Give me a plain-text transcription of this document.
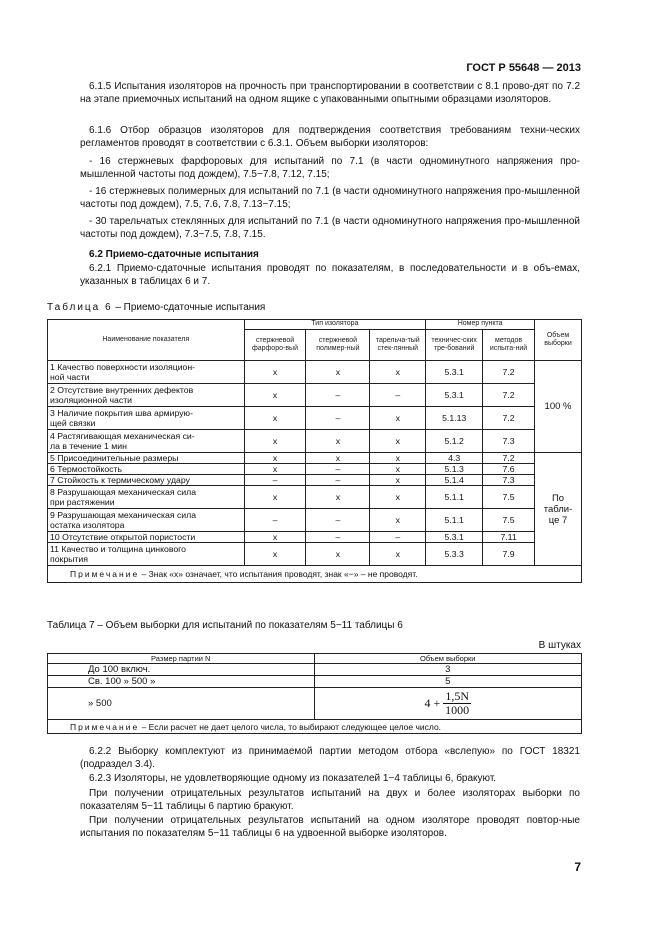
ГОСТ Р 55648 — 2013
6.1.5 Испытания изоляторов на прочность при транспортировании в соответствии с 8.1 прово-дят по 7.2 на этапе приемочных испытаний на одном ящике с упакованными опытными образцами изоляторов.
6.1.6 Отбор образцов изоляторов для подтверждения соответствия требованиям техни-ческих регламентов проводят в соответствии с 6.3.1. Объем выборки изоляторов:
- 16 стержневых фарфоровых для испытаний по 7.1 (в части одноминутного напряжения про-мышленной частоты под дождем), 7.5−7.8, 7.12, 7.15;
- 16 стержневых полимерных для испытаний по 7.1 (в части одноминутного напряжения про-мышленной частоты под дождем), 7.5, 7.6, 7.8, 7.13−7.15;
- 30 тарельчатых стеклянных для испытаний по 7.1 (в части одноминутного напряжения про-мышленной частоты под дождем), 7.3−7.5, 7.8, 7.15.
6.2 Приемо-сдаточные испытания
6.2.1 Приемо-сдаточные испытания проводят по показателям, в последовательности и в объ-емах, указанных в таблицах 6 и 7.
Таблица 6 – Приемо-сдаточные испытания
Наименование показателя	Тип изолятора			Номер пункта		Объем выборки
	стержневой фарфоро-вый	стержневой полимер-ный	тарельча-тый стек-лянный	техничес-ских тре-бований	методов испыта-ний	

1 Качество поверхности изоляцион-
ной части	x	x	x	5.3.1	7.2	100 %

2 Отсутствие внутренних дефектов
изоляционной части	x	–	–	5.3.1	7.2	

3 Наличие покрытия шва армирую-
щей связки	x	–	x	5.1.13	7.2	

4 Растягивающая механическая си-
ла в течение 1 мин	x	x	x	5.1.2	7.3	

5 Присоединительные размеры	x	x	x	4.3	7.2	По
табли-
це 7

6 Термостойкость	x	–	x	5.1.3	7.6	

7 Стойкость к термическому удару	–	–	x	5.1.4	7.3	

8 Разрушающая механическая сила
при растяжении	x	x	x	5.1.1	7.5	

9 Разрушающая механическая сила
остатка изолятора	–	–	x	5.1.1	7.5	

10 Отсутствие открытой пористости	x	–	–	5.3.1	7.11	

11 Качество и толщина цинкового
покрытия	x	x	x	5.3.3	7.9	
Примечание – Знак «x» означает, что испытания проводят, знак «−» – не проводят.						
Таблица 7 – Объем выборки для испытаний по показателям 5−11 таблицы 6
В штуках
Размер партии N	Объем выборки
До 100 включ.	3
Св. 100 » 500 »	5
» 500	$4 + \frac{1,5N}{1000}$

Примечание – Если расчет не дает целого числа, то выбирают следующее целое число.	
6.2.2 Выборку комплектуют из принимаемой партии методом отбора «вслепую» по ГОСТ 18321 (подраздел 3.4).
6.2.3 Изоляторы, не удовлетворяющие одному из показателей 1−4 таблицы 6, бракуют.
При получении отрицательных результатов испытаний на двух и более изоляторах выборки по показателям 5−11 таблицы 6 партию бракуют.
При получении отрицательных результатов испытаний на одном изоляторе проводят повтор-ные испытания по показателям 5−11 таблицы 6 на удвоенной выборке изоляторов.
7
